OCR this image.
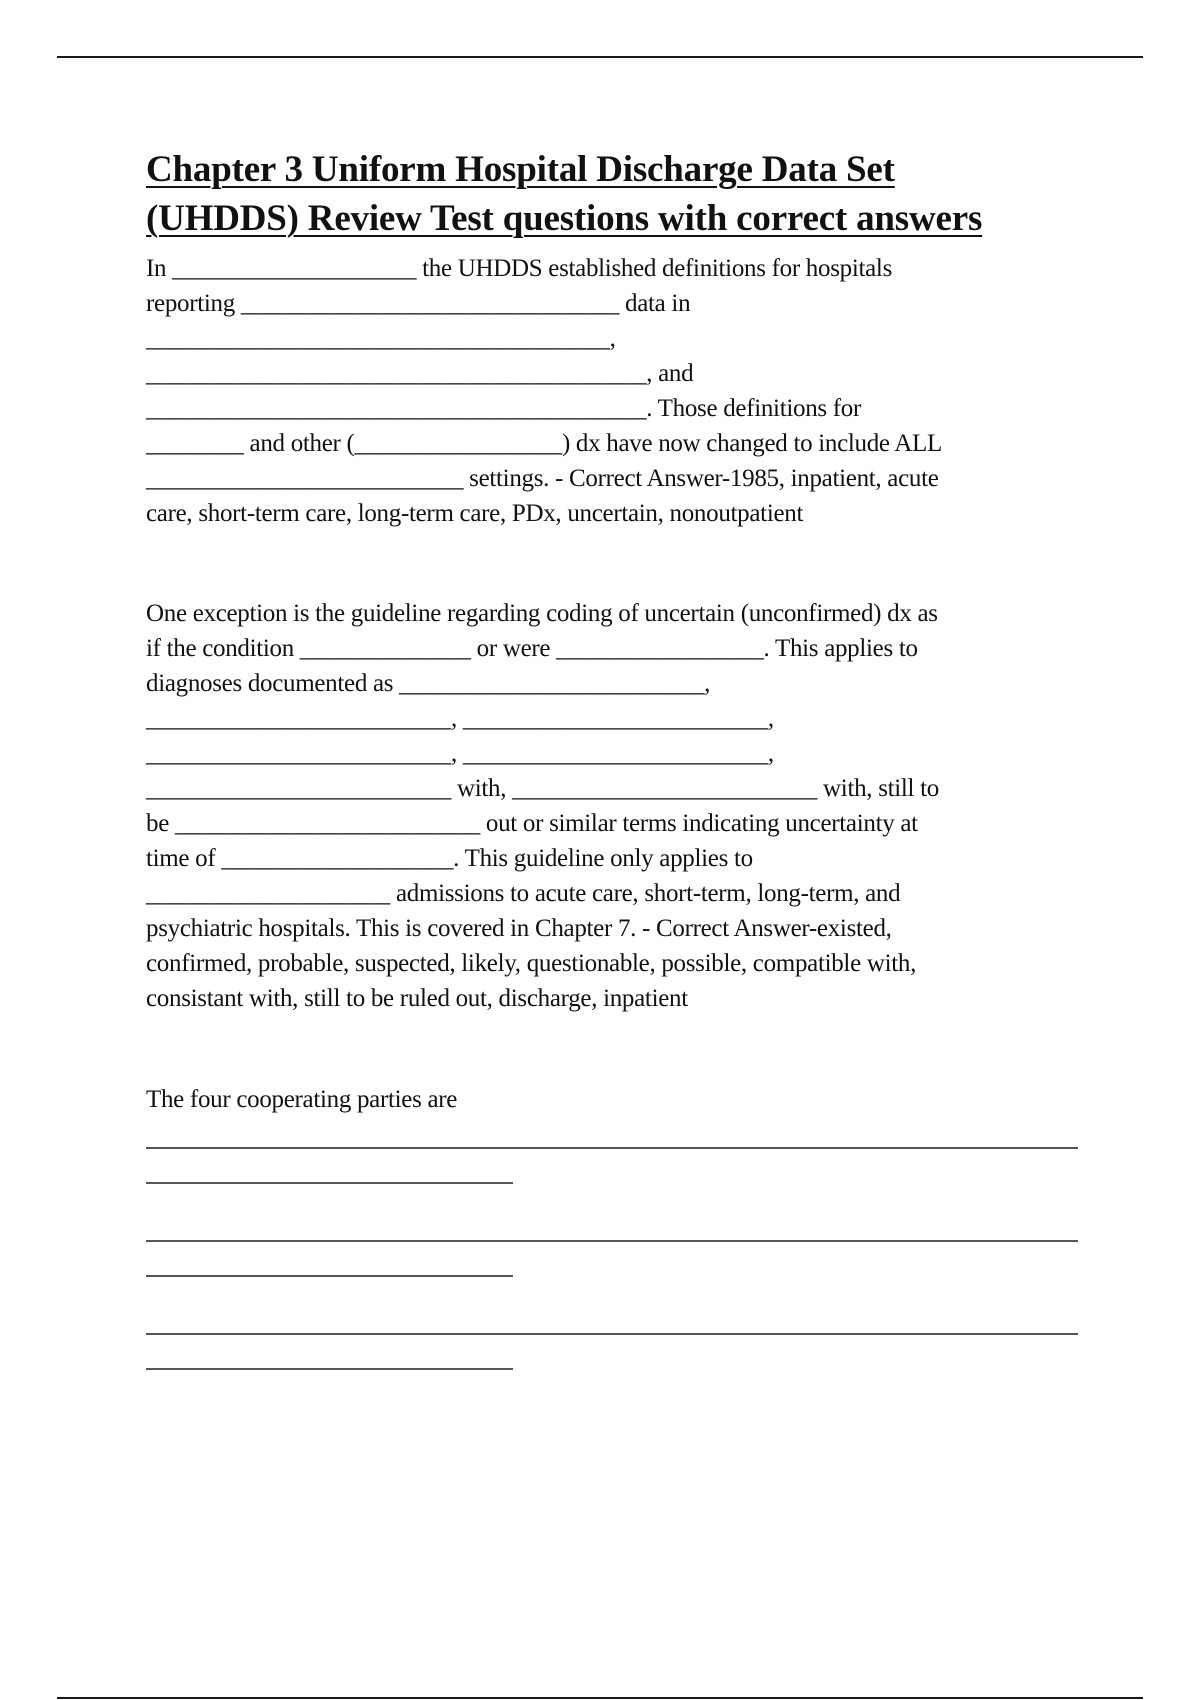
Chapter 3 Uniform Hospital Discharge Data Set
(UHDDS) Review Test questions with correct answers
In ____________________ the UHDDS established definitions for hospitals
reporting _______________________________ data in
______________________________________,
_________________________________________, and
_________________________________________. Those definitions for
________ and other (_________________) dx have now changed to include ALL
__________________________ settings. - Correct Answer-1985, inpatient, acute
care, short-term care, long-term care, PDx, uncertain, nonoutpatient
One exception is the guideline regarding coding of uncertain (unconfirmed) dx as
if the condition ______________ or were _________________. This applies to
diagnoses documented as _________________________,
_________________________, _________________________,
_________________________, _________________________,
_________________________ with, _________________________ with, still to
be _________________________ out or similar terms indicating uncertainty at
time of ___________________. This guideline only applies to
____________________ admissions to acute care, short-term, long-term, and
psychiatric hospitals. This is covered in Chapter 7. - Correct Answer-existed,
confirmed, probable, suspected, likely, questionable, possible, compatible with,
consistant with, still to be ruled out, discharge, inpatient
The four cooperating parties are
